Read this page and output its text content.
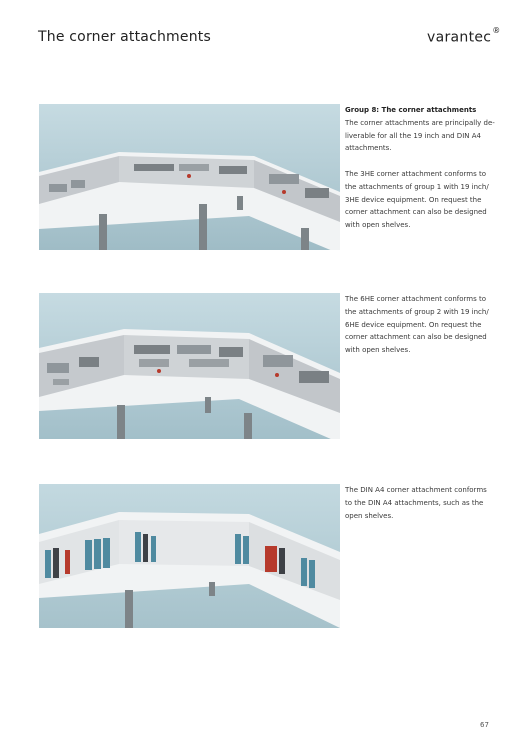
The corner attachments	varantec®

Group 8: The corner attachments
The corner attachments are principally de-liverable for all the 19 inch and DIN A4 attachments.

The 3HE corner attachment conforms to the attachments of group 1 with 19 inch/ 3HE device equipment. On request the corner attachment can also be designed with open shelves.

The 6HE corner attachment conforms to the attachments of group 2 with 19 inch/ 6HE device equipment. On request the corner attachment can also be designed with open shelves.

The DIN A4 corner attachment conforms to the DIN A4 attachments, such as the open shelves.

67
